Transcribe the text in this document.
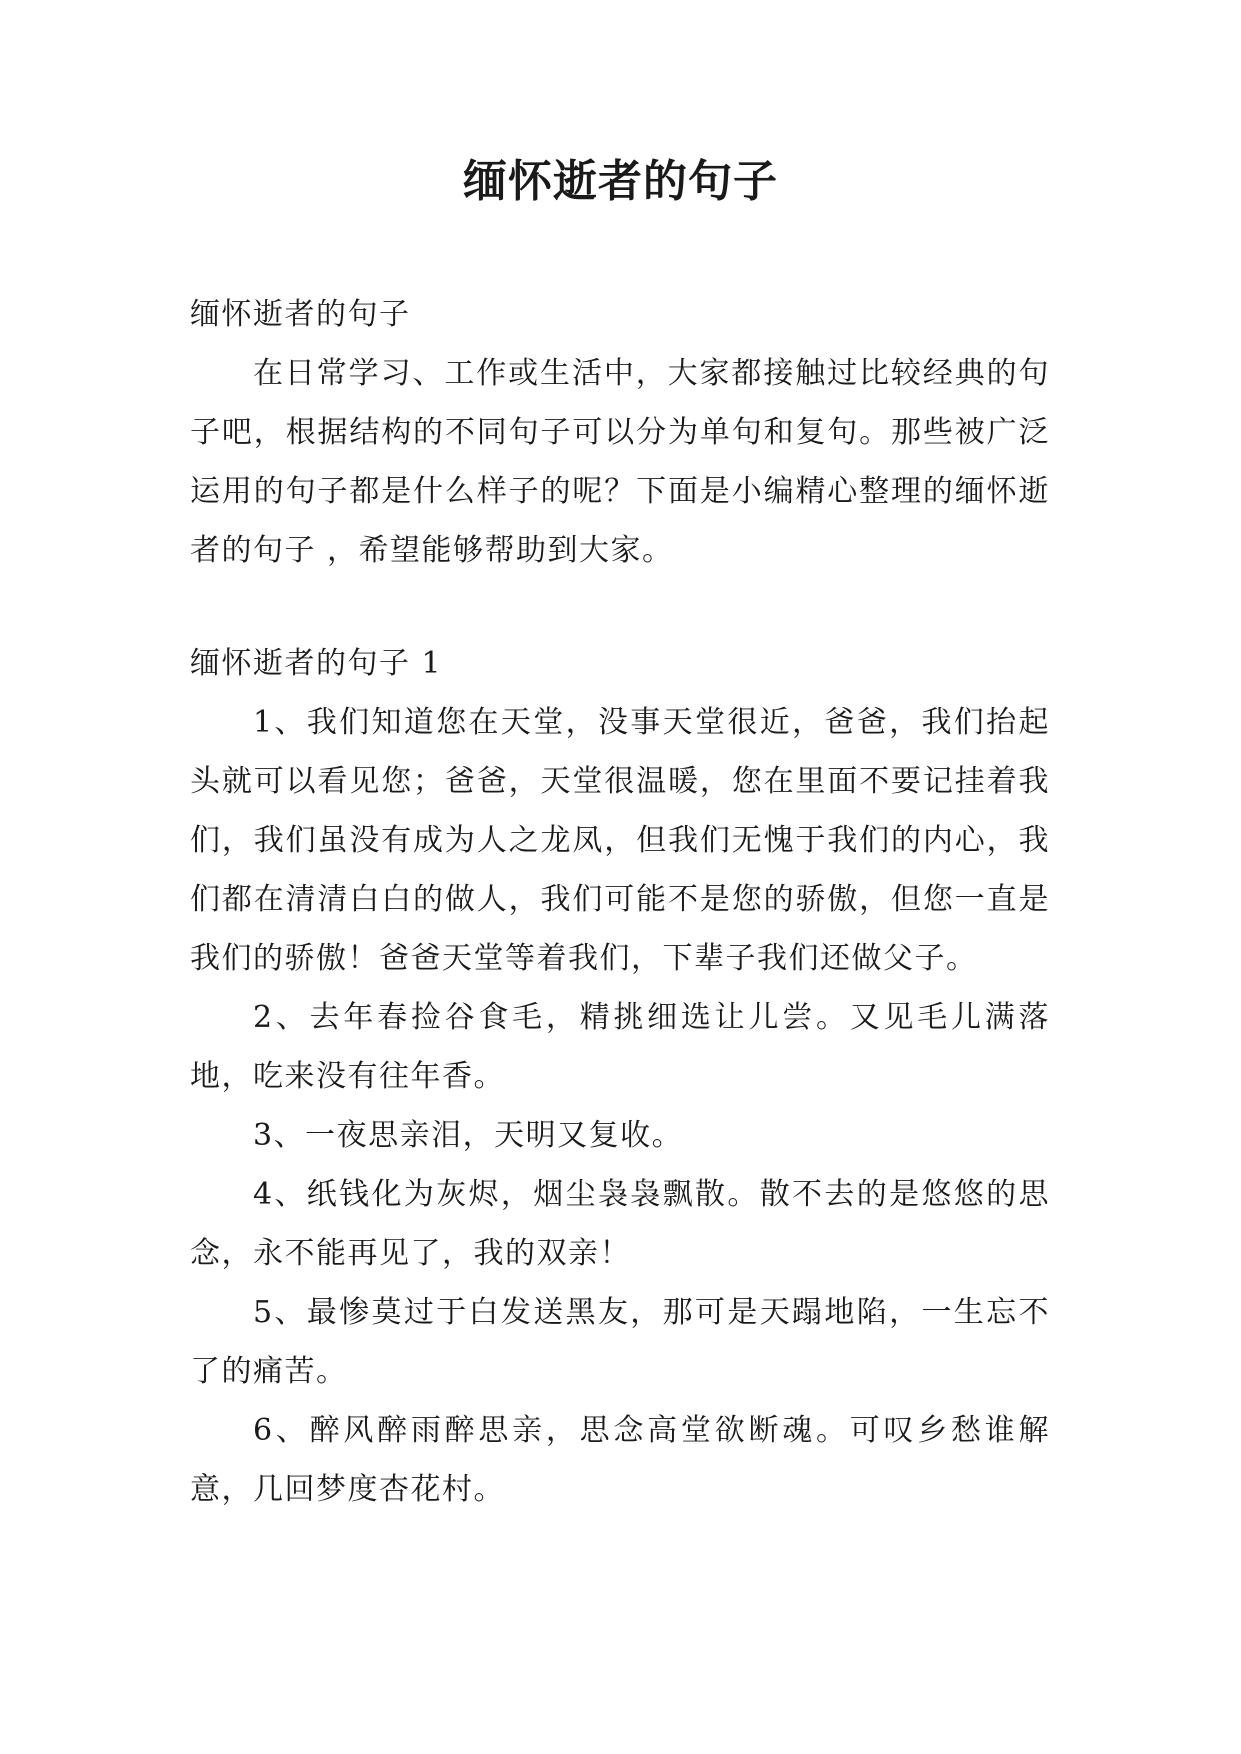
缅怀逝者的句子

缅怀逝者的句子

在日常学习、工作或生活中，大家都接触过比较经典的句子吧，根据结构的不同句子可以分为单句和复句。那些被广泛运用的句子都是什么样子的呢？下面是小编精心整理的缅怀逝者的句子 ，希望能够帮助到大家。

缅怀逝者的句子 1

1、我们知道您在天堂，没事天堂很近，爸爸，我们抬起头就可以看见您；爸爸，天堂很温暖，您在里面不要记挂着我们，我们虽没有成为人之龙凤，但我们无愧于我们的内心，我们都在清清白白的做人，我们可能不是您的骄傲，但您一直是我们的骄傲！爸爸天堂等着我们，下辈子我们还做父子。

2、去年春捡谷食毛，精挑细选让儿尝。又见毛儿满落地，吃来没有往年香。

3、一夜思亲泪，天明又复收。

4、纸钱化为灰烬，烟尘袅袅飘散。散不去的是悠悠的思念，永不能再见了，我的双亲！

5、最惨莫过于白发送黑友，那可是天蹋地陷，一生忘不了的痛苦。

6、醉风醉雨醉思亲，思念高堂欲断魂。可叹乡愁谁解意，几回梦度杏花村。
